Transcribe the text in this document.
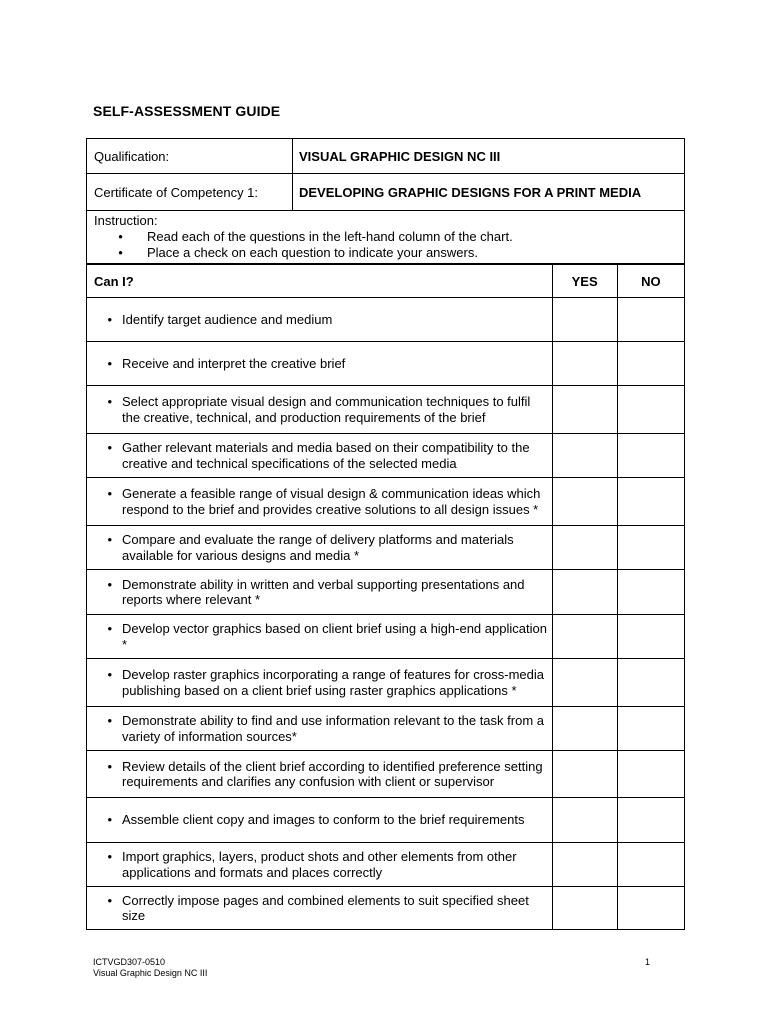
SELF-ASSESSMENT GUIDE
Qualification:	VISUAL GRAPHIC DESIGN NC III
Certificate of Competency 1:	DEVELOPING GRAPHIC DESIGNS FOR A PRINT MEDIA

Instruction:
• Read each of the questions in the left-hand column of the chart.
• Place a check on each question to indicate your answers.	
Can I?	YES	NO

• Identify target audience and medium		

• Receive and interpret the creative brief		

• Select appropriate visual design and communication techniques to fulfil the creative, technical, and production requirements of the brief		

• Gather relevant materials and media based on their compatibility to the creative and technical specifications of the selected media		

• Generate a feasible range of visual design & communication ideas which respond to the brief and provides creative solutions to all design issues *		

• Compare and evaluate the range of delivery platforms and materials available for various designs and media *		

• Demonstrate ability in written and verbal supporting presentations and reports where relevant *		

• Develop vector graphics based on client brief using a high-end application *		

• Develop raster graphics incorporating a range of features for cross-media publishing based on a client brief using raster graphics applications *		

• Demonstrate ability to find and use information relevant to the task from a variety of information sources*		

• Review details of the client brief according to identified preference setting requirements and clarifies any confusion with client or supervisor		

• Assemble client copy and images to conform to the brief requirements		

• Import graphics, layers, product shots and other elements from other applications and formats and places correctly		

• Correctly impose pages and combined elements to suit specified sheet size		

ICTVGD307-0510
Visual Graphic Design NC III
1
